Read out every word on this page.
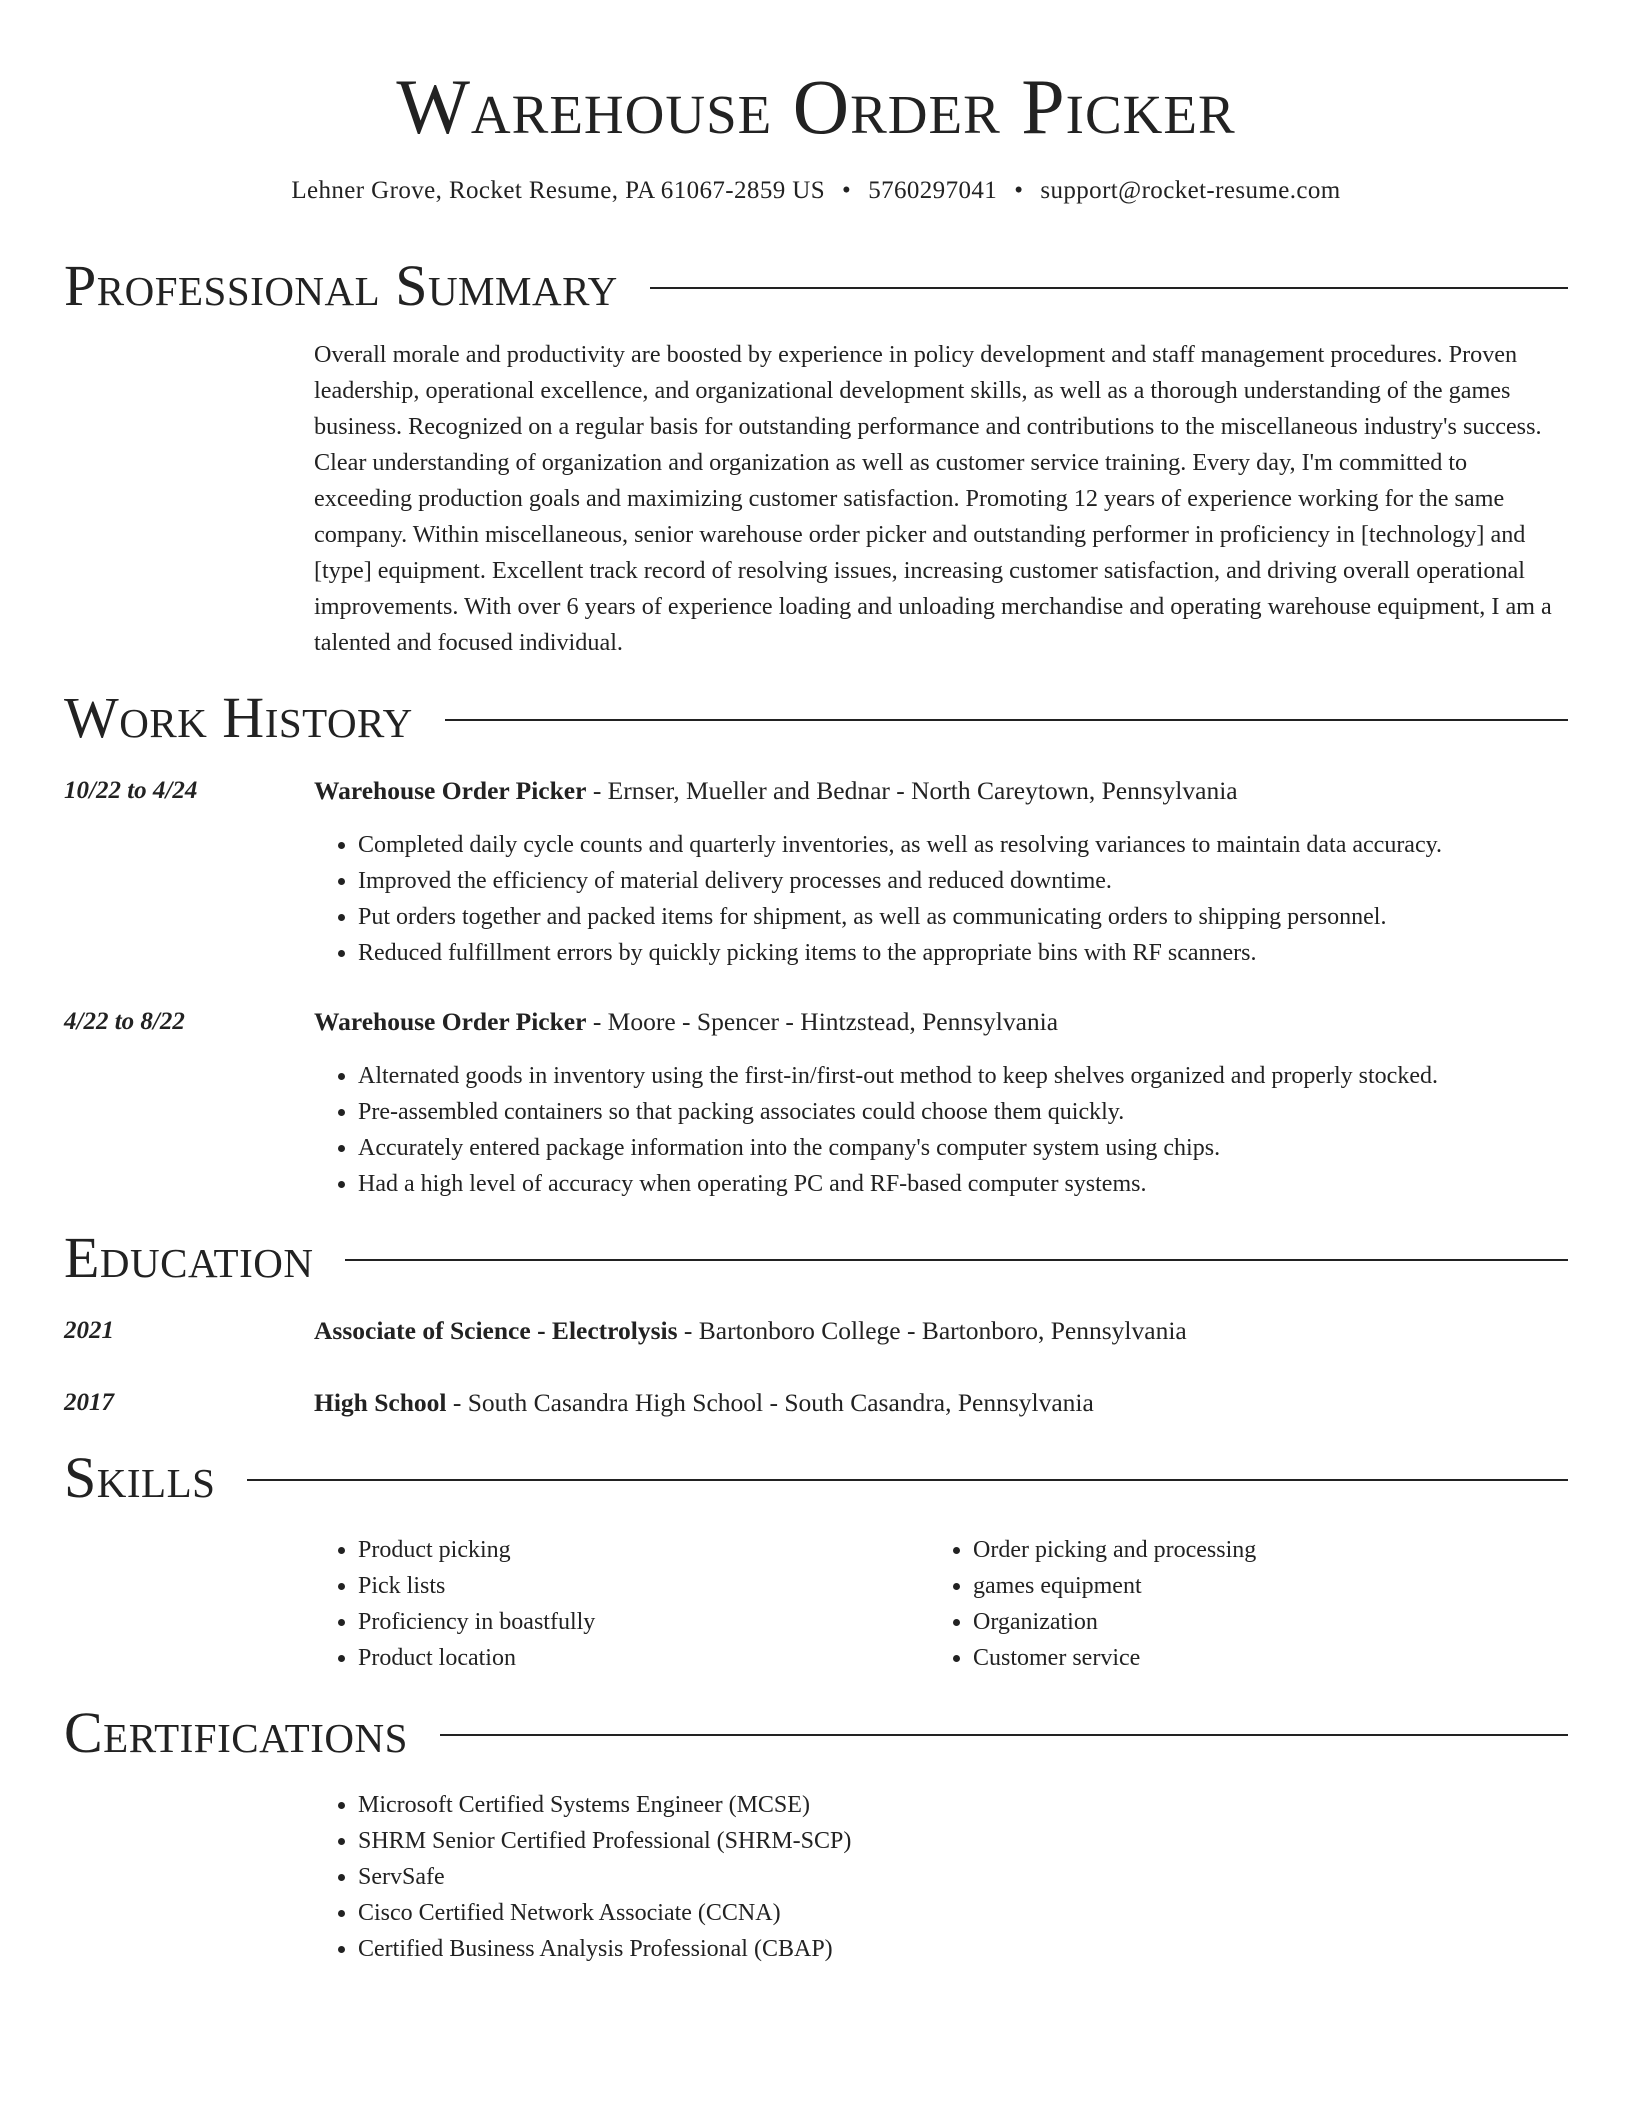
Warehouse Order Picker
Lehner Grove, Rocket Resume, PA 61067-2859 US • 5760297041 • support@rocket-resume.com
Professional Summary

Overall morale and productivity are boosted by experience in policy development and staff management procedures. Proven leadership, operational excellence, and organizational development skills, as well as a thorough understanding of the games business. Recognized on a regular basis for outstanding performance and contributions to the miscellaneous industry's success. Clear understanding of organization and organization as well as customer service training. Every day, I'm committed to exceeding production goals and maximizing customer satisfaction. Promoting 12 years of experience working for the same company. Within miscellaneous, senior warehouse order picker and outstanding performer in proficiency in [technology] and [type] equipment. Excellent track record of resolving issues, increasing customer satisfaction, and driving overall operational improvements. With over 6 years of experience loading and unloading merchandise and operating warehouse equipment, I am a talented and focused individual.

Work History
10/22 to 4/24	Warehouse Order Picker - Ernser, Mueller and Bednar - North Careytown, Pennsylvania
• Completed daily cycle counts and quarterly inventories, as well as resolving variances to maintain data accuracy.
• Improved the efficiency of material delivery processes and reduced downtime.
• Put orders together and packed items for shipment, as well as communicating orders to shipping personnel.
• Reduced fulfillment errors by quickly picking items to the appropriate bins with RF scanners.
4/22 to 8/22	Warehouse Order Picker - Moore - Spencer - Hintzstead, Pennsylvania
• Alternated goods in inventory using the first-in/first-out method to keep shelves organized and properly stocked.
• Pre-assembled containers so that packing associates could choose them quickly.
• Accurately entered package information into the company's computer system using chips.
• Had a high level of accuracy when operating PC and RF-based computer systems.
Education
2021	Associate of Science - Electrolysis - Bartonboro College - Bartonboro, Pennsylvania
2017	High School - South Casandra High School - South Casandra, Pennsylvania
Skills
• Product picking
• Pick lists
• Proficiency in boastfully
• Product location
• Order picking and processing
• games equipment
• Organization
• Customer service
Certifications
• Microsoft Certified Systems Engineer (MCSE)
• SHRM Senior Certified Professional (SHRM-SCP)
• ServSafe
• Cisco Certified Network Associate (CCNA)
• Certified Business Analysis Professional (CBAP)
